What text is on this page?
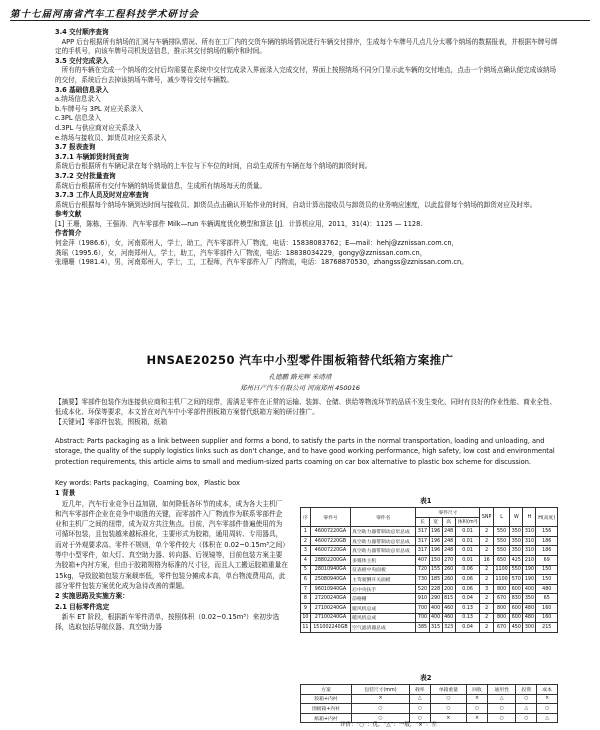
第十七届河南省汽车工程科技学术研讨会

3.4 交付顺序查询

APP 后台根据所有纳场的汇阅与车辆排队情况、所有在工厂内的交货车辆的纳场情况进行车辆交付排序，生成每个车牌号几点几分太哪个纳场的数据报表，并根据车牌号绑定的手机号，向该车牌号司机发送信息，推示其交付纳场的顺序和时间。

3.5 交付完成录入

所有的车辆在完成一个纳场的交付后均需要在系统中交付完成录入界面录入完成交付，界面上按照纳场不同分门显示此车辆的交付地点，点击一个纳场点确认便完成该纳场的交付，系统后台去掉该纳场车牌号，减少等待交付车辆数。

3.6 基础信息录入

a.纳场信息录入

b.车牌号与 3PL 对应关系录入

c.3PL 信息录入

d.3PL 与供应商对应关系录入

e.纳场与接收员、卸货员对应关系录入

3.7 报表查询

3.7.1 车辆卸货时间查询

系统后台根据所有车辆记录在每个纳场的上车位与下车位的时间，自动生成所有车辆在每个纳场的卸货时间。

3.7.2 交付批量查询

系统后台根据所有交付车辆的纳场货量信息，生成所有纳场每天的货量。

3.7.3 工作人员及时对应率查询

系统后台根据每个纳场车辆到达时间与接收员、卸货员点击确认开始作业的时间，自动计算出接收员与卸货员的业务响应速度，以此监督每个纳场的卸货对应及时率。

参考文献

[1] 王珊，陈栋，王强涛．汽车零部件 Milk—run 车辆调度优化模型和算法 [J]．计算机应用，2011，31(4)：1125 — 1128.

作者简介

何金萍（1986.6），女，河南郑州人，学士，助工，汽车零部件入厂物流，电话：15838083762；E—mail：hehj@zznissan.com.cn，

龚瑶（1995.6），女，河南郑州人，学士，助工，汽车零部件入厂物流，电话：18838034229，gongy@zznissan.com.cn，

张珊珊（1981.4），男，河南郑州人，学士，工，工程师，汽车零部件入厂 内物流，电话：18768870530，zhangss@zznissan.com.cn。

HNSAE20250 汽车中小型零件围板箱替代纸箱方案推广
孔德鹏 路光辉 米靖靖
郑州日产汽车有限公司 河南郑州 450016

【摘要】零部件包装作为连接供应商和主机厂之间的纽带，需满足零件在正常的运输、装卸、仓储、供给等物流环节的品质不发生变化，同时有良好的作业性能、商业全性、低成本化、环保等要求，本文旨在对汽车中小零部件围板箱方案替代纸箱方案的研讨推广。

【关键词】零部件包装，围板箱，纸箱

Abstract: Parts packaging as a link between supplier and forms a bond, to satisfy the parts in the normal transportation, loading and unloading, and storage, the quality of the supply logistics links such as don't change, and to have good working performance, high safety, low cost and environmental protection requirements, this article aims to small and medium-sized parts coaming on car box alternative to plastic box scheme for discussion.

Key words: Parts packaging，Coaming box，Plastic box

1 背景

近几年，汽车行业竞争日益加剧，如何降低各环节的成本，成为各大主机厂和汽车零部件企业在竞争中取胜的关键，而零部件入厂物流作为联系零部件企业和主机厂之间的纽带，成为双方共注焦点。目前，汽车零部件普遍使用的为可循环包装，且包装越来越标准化，主要形式为胶箱，通用周转、专用器具，而对于外观要求高、零件不规则，单个零件较大（体积在 0.02~0.15m³之间）等中小型零件，如大灯、真空助力器、转向器、后视镜等，目前包装方案主要为胶箱+内衬方案，但由于胶箱规格为标准的尺寸径，而且人工搬运胶箱重量在 15kg，导致胶箱包装方案载率低，零件包装分摊成本高，单台物流费用高，此部分零件包装方案优化成为急待改善的课题。

2 实施思路及实施方案：

2.1 目标零件选定

新车 ET 阶段，根据新车零件清单，按照体积（0.02~0.15m³）来初步选择，选取包括导航仪器、真空助力器

表1
序	零件号	零件名	零件尺寸				SNP	L	W	H	H(高度)
			长	宽	高	体积(m³)					
1	46007220GA	真空助力器带制动总泵总成	317	196	248	0.01	2	550	350	310	156
2	46007220GB	真空助力器带制动总泵总成	317	196	248	0.01	2	550	350	310	186
3	46007220GA	真空助力器带制动总泵总成	317	196	248	0.01	2	550	350	310	186
4	28802200GA	多媒体主机	407	150	270	0.01	16	650	425	210	69
5	28010940GA	仪表板中央面板	720	155	260	0.06	2	1100	550	190	150
6	25080940GA	主驾驶侧开关面板	730	185	260	0.06	2	1100	570	190	150
7	96010940GA	后中央扶手	520	228	200	0.06	3	800	600	400	480
8	27200240GA	前格栅	910	290	815	0.04	2	670	830	350	65
9	27100240GA	暖风机总成	700	400	460	0.13	2	800	600	480	160
10	27100240GA	暖风机总成	700	400	460	0.13	2	800	600	480	160
11	151002240GB	空气滤清器总成	385	315	323	0.04	2	670	450	300	215
表2
方案	包装尺寸(mm)	载率	单箱重量	回收	通用性	投资	成本
胶箱+内衬	×	△	○	×	△	○	×
围板箱+内衬	○	○	○	○	○	△	○
纸箱+内衬	○	○	×	×	○	○	△
评价：“○”：优，“△”：一般，“×”：差
